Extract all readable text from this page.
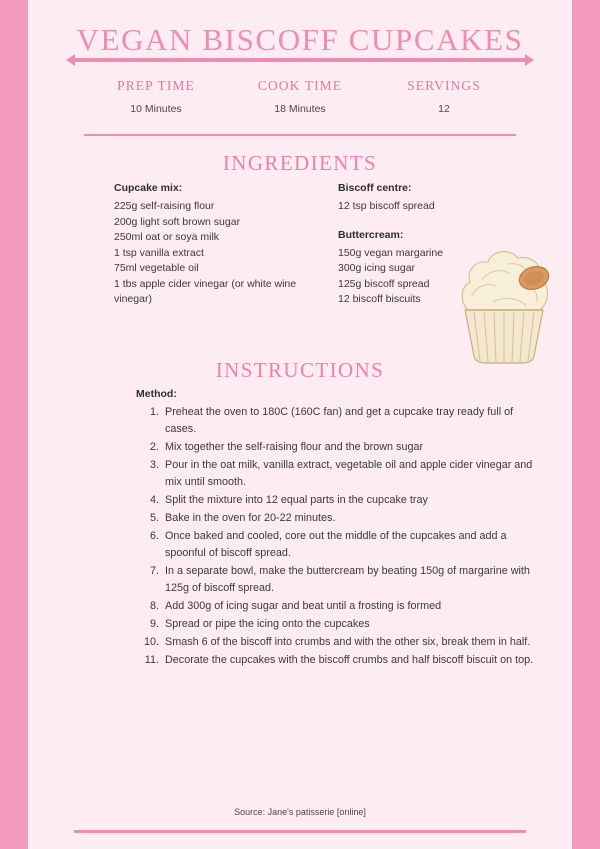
VEGAN BISCOFF CUPCAKES
PREP TIME
10 Minutes
COOK TIME
18 Minutes
SERVINGS
12
INGREDIENTS
Cupcake mix:
225g self-raising flour
200g light soft brown sugar
250ml oat or soya milk
1 tsp vanilla extract
75ml vegetable oil
1 tbs apple cider vinegar (or white wine vinegar)
Biscoff centre:
12 tsp biscoff spread
Buttercream:
150g vegan margarine
300g icing sugar
125g biscoff spread
12 biscoff biscuits
INSTRUCTIONS
Method:
1. Preheat the oven to 180C (160C fan) and get a cupcake tray ready full of cases.
2. Mix together the self-raising flour and the brown sugar
3. Pour in the oat milk, vanilla extract, vegetable oil and apple cider vinegar and mix until smooth.
4. Split the mixture into 12 equal parts in the cupcake tray
5. Bake in the oven for 20-22 minutes.
6. Once baked and cooled, core out the middle of the cupcakes and add a spoonful of biscoff spread.
7. In a separate bowl, make the buttercream by beating 150g of margarine with 125g of biscoff spread.
8. Add 300g of icing sugar and beat until a frosting is formed
9. Spread or pipe the icing onto the cupcakes
10. Smash 6 of the biscoff into crumbs and with the other six, break them in half.
11. Decorate the cupcakes with the biscoff crumbs and half biscoff biscuit on top.
Source: Jane's patisserie [online]
